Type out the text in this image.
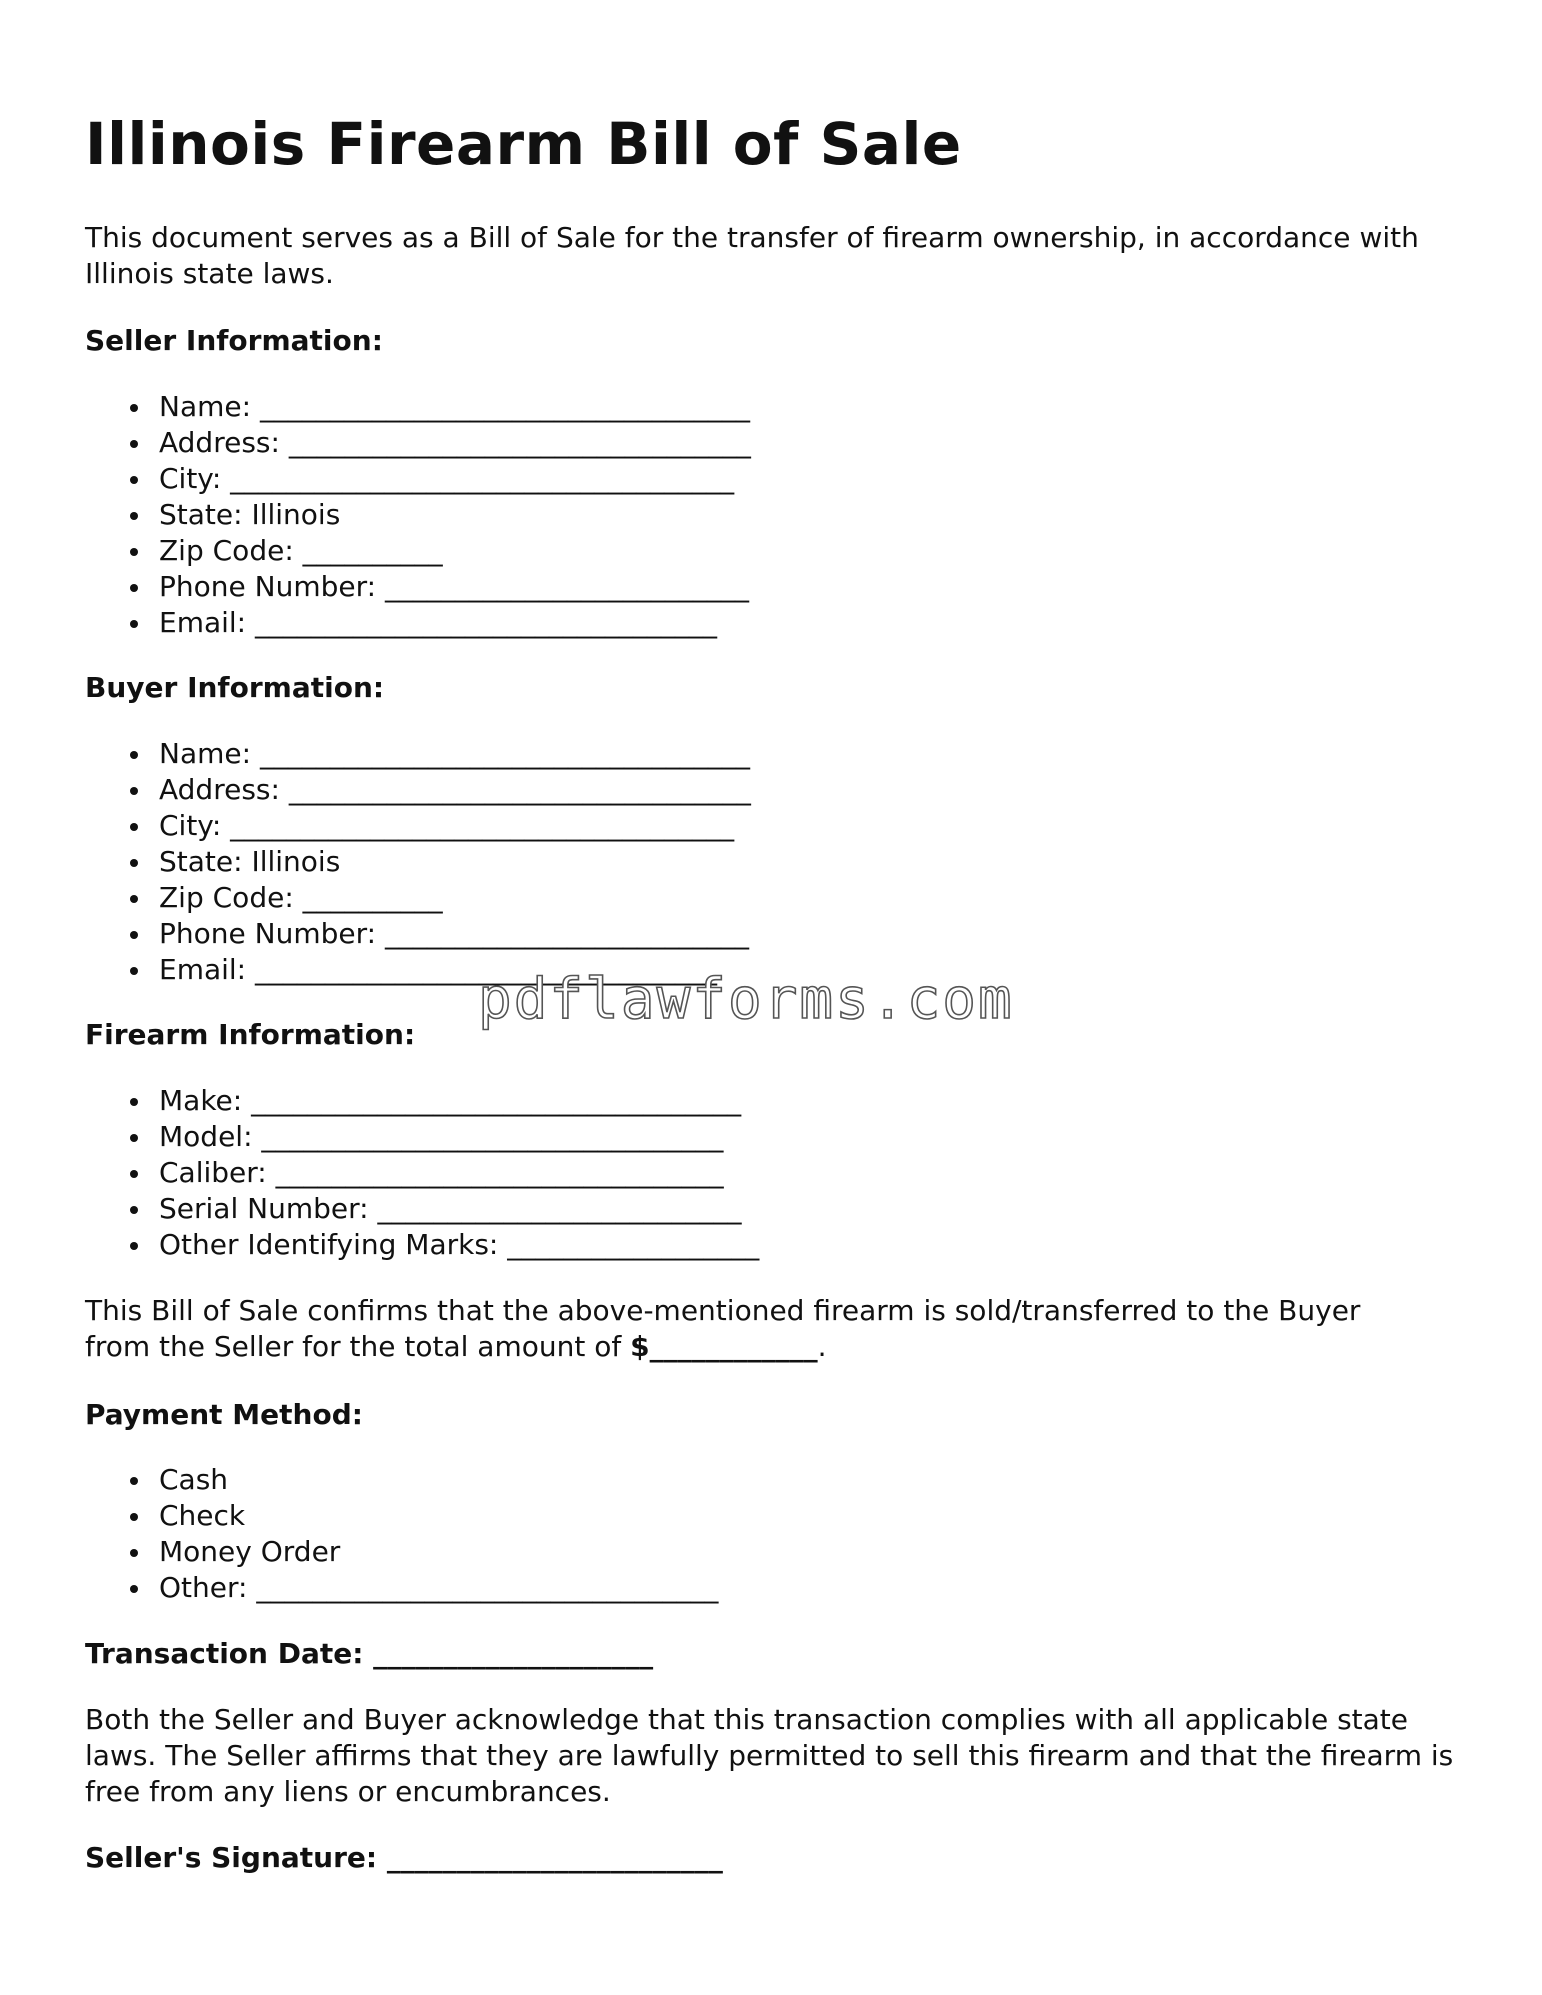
Illinois Firearm Bill of Sale

This document serves as a Bill of Sale for the transfer of firearm ownership, in accordance with Illinois state laws.

Seller Information:

Name: ___________________________________
Address: _________________________________
City: ____________________________________
State: Illinois
Zip Code: __________
Phone Number: __________________________
Email: _________________________________

Buyer Information:

Name: ___________________________________
Address: _________________________________
City: ____________________________________
State: Illinois
Zip Code: __________
Phone Number: __________________________
Email: _________________________________

Firearm Information:

Make: ___________________________________
Model: _________________________________
Caliber: ________________________________
Serial Number: __________________________
Other Identifying Marks: __________________

This Bill of Sale confirms that the above-mentioned firearm is sold/transferred to the Buyer from the Seller for the total amount of $____________.

Payment Method:

Cash
Check
Money Order
Other: _________________________________

Transaction Date: ____________________

Both the Seller and Buyer acknowledge that this transaction complies with all applicable state laws. The Seller affirms that they are lawfully permitted to sell this firearm and that the firearm is free from any liens or encumbrances.

Seller's Signature: ________________________

pdflawforms.com
